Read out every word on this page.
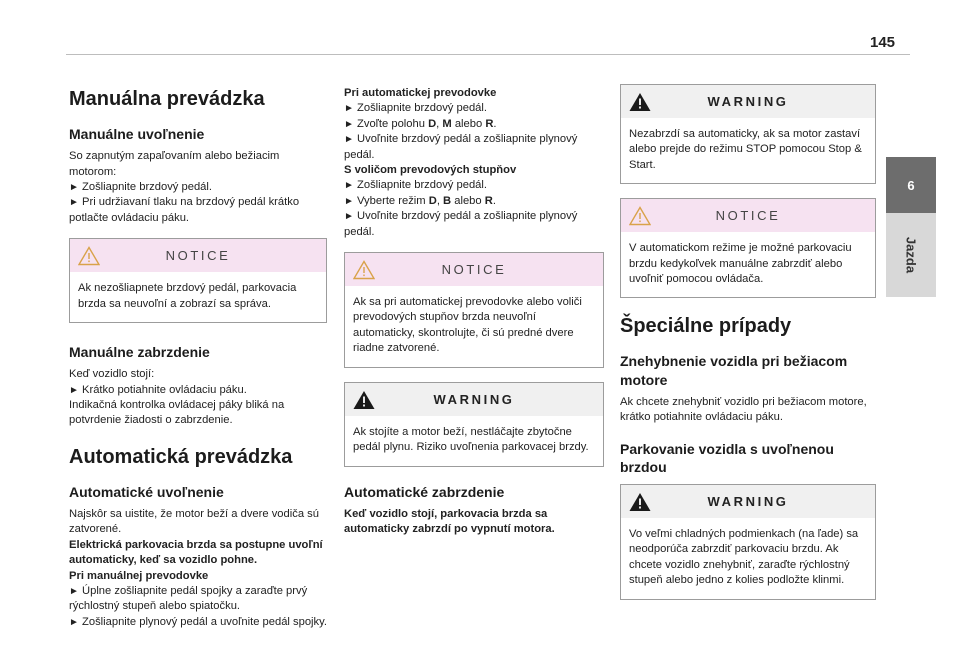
145
6
Jazda
Manuálna prevádzka
Manuálne uvoľnenie

So zapnutým zapaľovaním alebo bežiacim motorom:

► Zošliapnite brzdový pedál.

► Pri udržiavaní tlaku na brzdový pedál krátko potlačte ovládaciu páku.

NOTICE

Ak nezošliapnete brzdový pedál, parkovacia brzda sa neuvoľní a zobrazí sa správa.

Manuálne zabrzdenie

Keď vozidlo stojí:

► Krátko potiahnite ovládaciu páku.

Indikačná kontrolka ovládacej páky bliká na potvrdenie žiadosti o zabrzdenie.

Automatická prevádzka
Automatické uvoľnenie

Najskôr sa uistite, že motor beží a dvere vodiča sú zatvorené.

Elektrická parkovacia brzda sa postupne uvoľní automaticky, keď sa vozidlo pohne.

Pri manuálnej prevodovke

► Úplne zošliapnite pedál spojky a zaraďte prvý rýchlostný stupeň alebo spiatočku.

► Zošliapnite plynový pedál a uvoľnite pedál spojky.

Pri automatickej prevodovke

► Zošliapnite brzdový pedál.

► Zvoľte polohu D, M alebo R.

► Uvoľnite brzdový pedál a zošliapnite plynový pedál.

S voličom prevodových stupňov

► Zošliapnite brzdový pedál.

► Vyberte režim D, B alebo R.

► Uvoľnite brzdový pedál a zošliapnite plynový pedál.

NOTICE

Ak sa pri automatickej prevodovke alebo voliči prevodových stupňov brzda neuvoľní automaticky, skontrolujte, či sú predné dvere riadne zatvorené.

WARNING

Ak stojíte a motor beží, nestláčajte zbytočne pedál plynu. Riziko uvoľnenia parkovacej brzdy.

Automatické zabrzdenie

Keď vozidlo stojí, parkovacia brzda sa automaticky zabrzdí po vypnutí motora.

WARNING

Nezabrzdí sa automaticky, ak sa motor zastaví alebo prejde do režimu STOP pomocou Stop & Start.

NOTICE

V automatickom režime je možné parkovaciu brzdu kedykoľvek manuálne zabrzdiť alebo uvoľniť pomocou ovládača.

Špeciálne prípady
Znehybnenie vozidla pri bežiacom motore

Ak chcete znehybniť vozidlo pri bežiacom motore, krátko potiahnite ovládaciu páku.

Parkovanie vozidla s uvoľnenou brzdou
WARNING

Vo veľmi chladných podmienkach (na ľade) sa neodporúča zabrzdiť parkovaciu brzdu. Ak chcete vozidlo znehybniť, zaraďte rýchlostný stupeň alebo jedno z kolies podložte klinmi.
